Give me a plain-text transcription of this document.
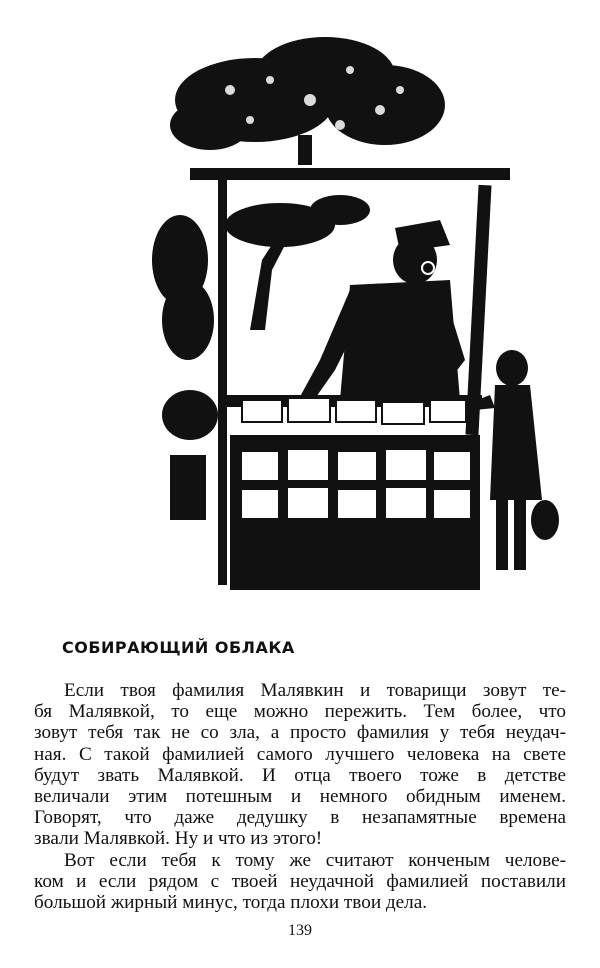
СОБИРАЮЩИЙ ОБЛАКА
Если твоя фамилия Малявкин и товарищи зовут те-
бя Малявкой, то еще можно пережить. Тем более, что
зовут тебя так не со зла, а просто фамилия у тебя неудач-
ная. С такой фамилией самого лучшего человека на свете
будут звать Малявкой. И отца твоего тоже в детстве
величали этим потешным и немного обидным именем.
Говорят, что даже дедушку в незапамятные времена
звали Малявкой. Ну и что из этого!
Вот если тебя к тому же считают конченым челове-
ком и если рядом с твоей неудачной фамилией поставили
большой жирный минус, тогда плохи твои дела.
139
